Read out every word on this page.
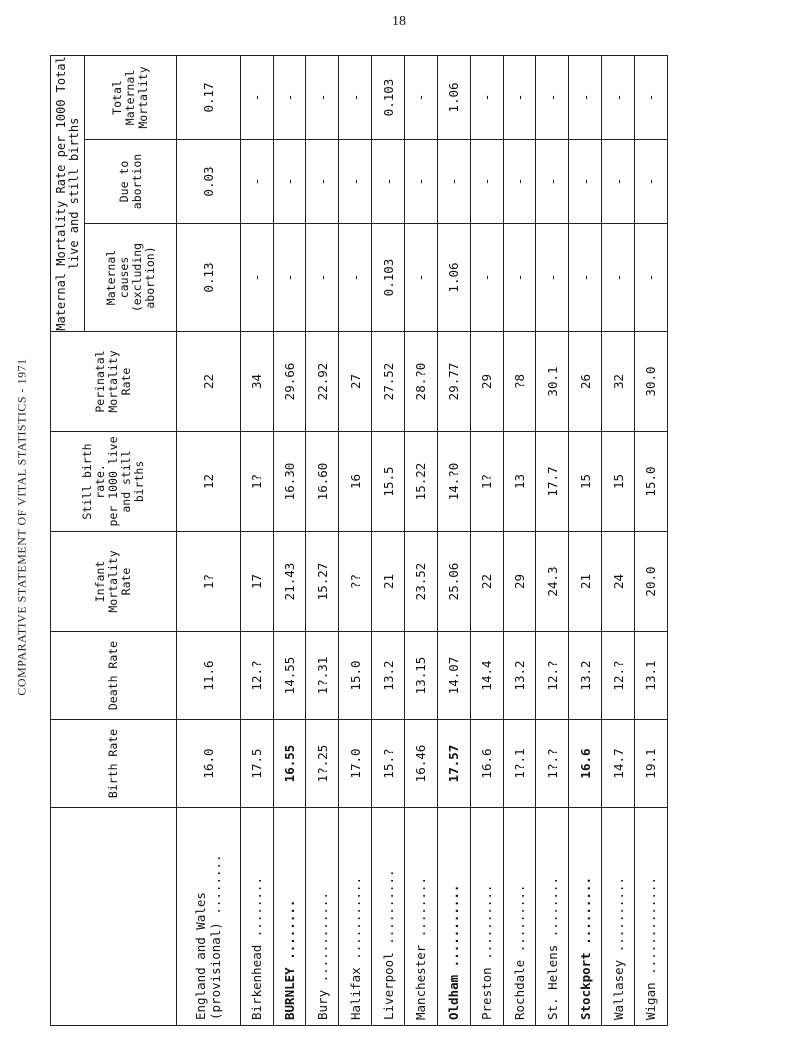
18
COMPARATIVE STATEMENT OF VITAL STATISTICS - 1971

	Birth Rate	Death Rate	Infant Mortality Rate	Still birth rate. per 1000 live and still births	Perinatal Mortality Rate	Maternal Mortality Rate per 1000 Total live and still births		

						Maternal causes (excluding abortion)	Due to abortion	Total Maternal Mortality

England and Wales (provisional) ........	16.0	11.6	1?	12	22	0.13	0.03	0.17

Birkenhead ........	17.5	12.?	17	1?	34	-	-	-

BURNLEY ........	16.55	14.55	21.43	16.30	29.66	-	-	-

Bury ............	1?.25	1?.31	15.27	16.60	22.92	-	-	-

Halifax ...........	17.0	15.0	??	16	27	-	-	-

Liverpool ..........	15.?	13.2	21	15.5	27.52	0.103	-	0.103

Manchester ........	16.46	13.15	23.52	15.22	28.?0	-	-	-

Oldham ...........	17.57	14.07	25.06	14.?0	29.77	1.06	-	1.06

Preston ..........	16.6	14.4	22	1?	29	-	-	-

Rochdale .........	1?.1	13.2	29	13	?8	-	-	-

St. Helens ........	1?.?	12.?	24.3	17.7	30.1	-	-	-

Stockport .........	16.6	13.2	21	15	26	-	-	-

Wallasey ..........	14.7	12.?	24	15	32	-	-	-

Wigan .............	19.1	13.1	20.0	15.0	30.0	-	-	-
